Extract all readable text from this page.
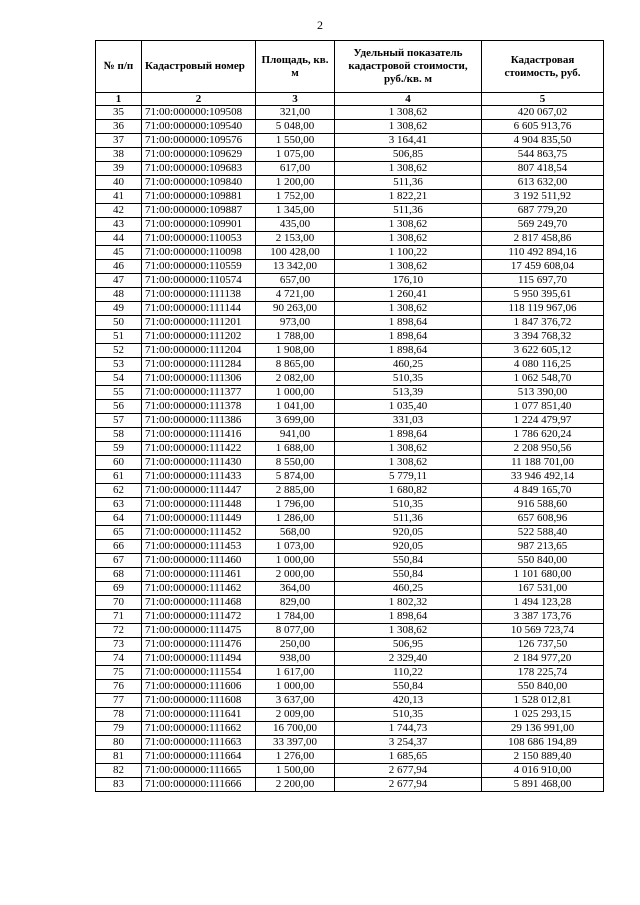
2
№ п/п	Кадастровый номер	Площадь, кв. м	Удельный показатель кадастровой стоимости, руб./кв. м	Кадастровая стоимость, руб.
1	2	3	4	5
35	71:00:000000:109508	321,00	1 308,62	420 067,02
36	71:00:000000:109540	5 048,00	1 308,62	6 605 913,76
37	71:00:000000:109576	1 550,00	3 164,41	4 904 835,50
38	71:00:000000:109629	1 075,00	506,85	544 863,75
39	71:00:000000:109683	617,00	1 308,62	807 418,54
40	71:00:000000:109840	1 200,00	511,36	613 632,00
41	71:00:000000:109881	1 752,00	1 822,21	3 192 511,92
42	71:00:000000:109887	1 345,00	511,36	687 779,20
43	71:00:000000:109901	435,00	1 308,62	569 249,70
44	71:00:000000:110053	2 153,00	1 308,62	2 817 458,86
45	71:00:000000:110098	100 428,00	1 100,22	110 492 894,16
46	71:00:000000:110559	13 342,00	1 308,62	17 459 608,04
47	71:00:000000:110574	657,00	176,10	115 697,70
48	71:00:000000:111138	4 721,00	1 260,41	5 950 395,61
49	71:00:000000:111144	90 263,00	1 308,62	118 119 967,06
50	71:00:000000:111201	973,00	1 898,64	1 847 376,72
51	71:00:000000:111202	1 788,00	1 898,64	3 394 768,32
52	71:00:000000:111204	1 908,00	1 898,64	3 622 605,12
53	71:00:000000:111284	8 865,00	460,25	4 080 116,25
54	71:00:000000:111306	2 082,00	510,35	1 062 548,70
55	71:00:000000:111377	1 000,00	513,39	513 390,00
56	71:00:000000:111378	1 041,00	1 035,40	1 077 851,40
57	71:00:000000:111386	3 699,00	331,03	1 224 479,97
58	71:00:000000:111416	941,00	1 898,64	1 786 620,24
59	71:00:000000:111422	1 688,00	1 308,62	2 208 950,56
60	71:00:000000:111430	8 550,00	1 308,62	11 188 701,00
61	71:00:000000:111433	5 874,00	5 779,11	33 946 492,14
62	71:00:000000:111447	2 885,00	1 680,82	4 849 165,70
63	71:00:000000:111448	1 796,00	510,35	916 588,60
64	71:00:000000:111449	1 286,00	511,36	657 608,96
65	71:00:000000:111452	568,00	920,05	522 588,40
66	71:00:000000:111453	1 073,00	920,05	987 213,65
67	71:00:000000:111460	1 000,00	550,84	550 840,00
68	71:00:000000:111461	2 000,00	550,84	1 101 680,00
69	71:00:000000:111462	364,00	460,25	167 531,00
70	71:00:000000:111468	829,00	1 802,32	1 494 123,28
71	71:00:000000:111472	1 784,00	1 898,64	3 387 173,76
72	71:00:000000:111475	8 077,00	1 308,62	10 569 723,74
73	71:00:000000:111476	250,00	506,95	126 737,50
74	71:00:000000:111494	938,00	2 329,40	2 184 977,20
75	71:00:000000:111554	1 617,00	110,22	178 225,74
76	71:00:000000:111606	1 000,00	550,84	550 840,00
77	71:00:000000:111608	3 637,00	420,13	1 528 012,81
78	71:00:000000:111641	2 009,00	510,35	1 025 293,15
79	71:00:000000:111662	16 700,00	1 744,73	29 136 991,00
80	71:00:000000:111663	33 397,00	3 254,37	108 686 194,89
81	71:00:000000:111664	1 276,00	1 685,65	2 150 889,40
82	71:00:000000:111665	1 500,00	2 677,94	4 016 910,00
83	71:00:000000:111666	2 200,00	2 677,94	5 891 468,00
